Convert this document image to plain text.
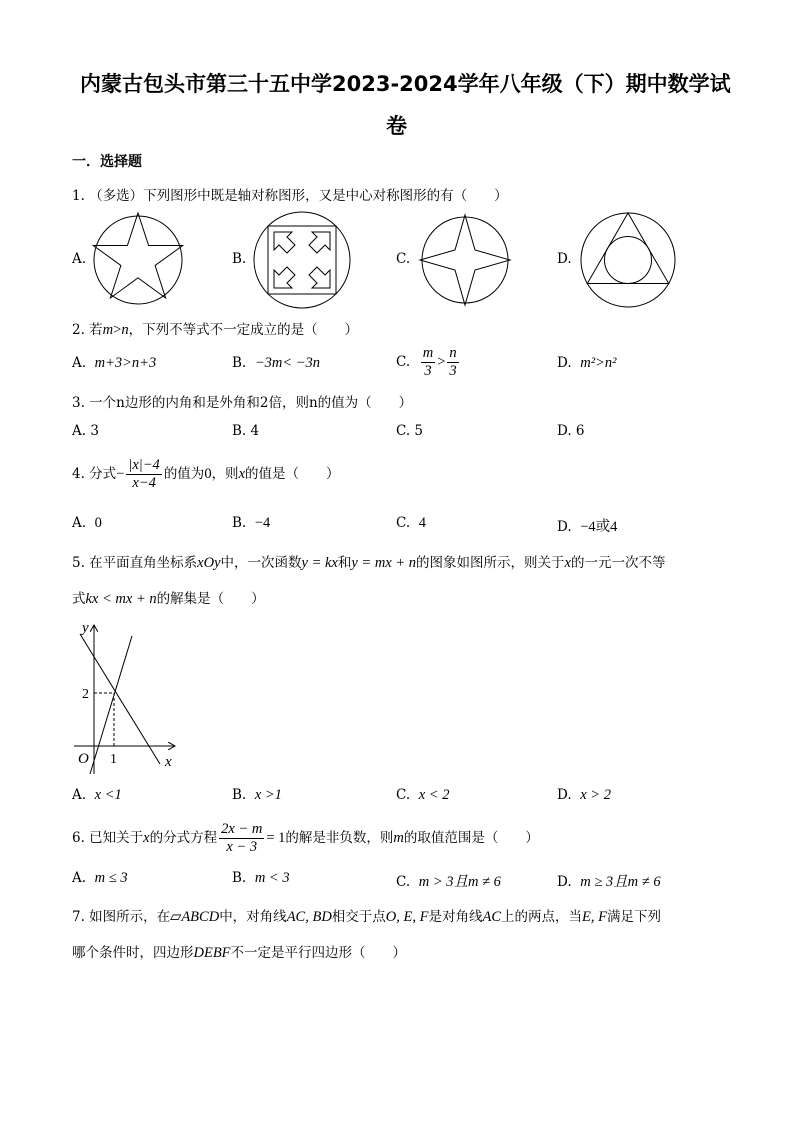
内蒙古包头市第三十五中学2023-2024学年八年级（下）期中数学试
卷
一．选择题
1. （多选）下列图形中既是轴对称图形，又是中心对称图形的有（　　）
A.	B.	C.	D.
2. 若m>n，下列不等式不一定成立的是（　　）
A. m+3>n+3	B. −3m< −3n	C. $\frac{m}{3} > \frac{n}{3}$	D. m²>n²
3. 一个n边形的内角和是外角和2倍，则n的值为（　　）
A. 3	B. 4	C. 5	D. 6
4. 分式− $\frac{|x|-4}{x-4}$ 的值为0，则x的值是（　　）
A. 0	B. −4	C. 4	D. −4或4
5. 在平面直角坐标系xOy中，一次函数y = kx和y = mx + n的图象如图所示，则关于x的一元一次不等
式kx < mx + n的解集是（　　）
y
x
O
2
1
A. x <1	B. x >1	C. x < 2	D. x > 2
6. 已知关于x的分式方程 $\frac{2x - m}{x - 3} = 1$的解是非负数，则m的取值范围是（　　）
A. m ≤ 3	B. m < 3	C. m > 3且m ≠ 6	D. m ≥ 3且m ≠ 6
7. 如图所示，在▱ABCD中，对角线AC, BD相交于点O, E, F是对角线AC上的两点，当E, F满足下列
哪个条件时，四边形DEBF不一定是平行四边形（　　）
